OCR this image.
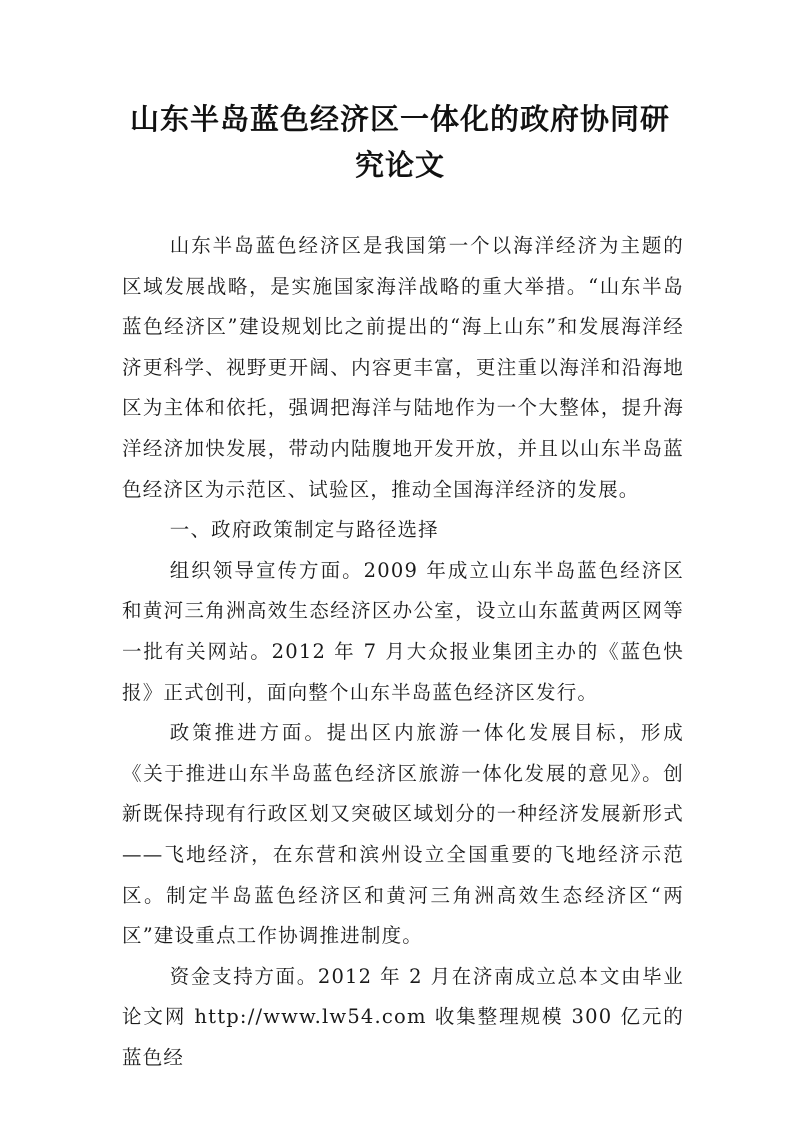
山东半岛蓝色经济区一体化的政府协同研究论文

山东半岛蓝色经济区是我国第一个以海洋经济为主题的区域发展战略，是实施国家海洋战略的重大举措。“山东半岛蓝色经济区”建设规划比之前提出的“海上山东”和发展海洋经济更科学、视野更开阔、内容更丰富，更注重以海洋和沿海地区为主体和依托，强调把海洋与陆地作为一个大整体，提升海洋经济加快发展，带动内陆腹地开发开放，并且以山东半岛蓝色经济区为示范区、试验区，推动全国海洋经济的发展。

一、政府政策制定与路径选择

组织领导宣传方面。2009 年成立山东半岛蓝色经济区和黄河三角洲高效生态经济区办公室，设立山东蓝黄两区网等一批有关网站。2012 年 7 月大众报业集团主办的《蓝色快报》正式创刊，面向整个山东半岛蓝色经济区发行。

政策推进方面。提出区内旅游一体化发展目标，形成《关于推进山东半岛蓝色经济区旅游一体化发展的意见》。创新既保持现有行政区划又突破区域划分的一种经济发展新形式——飞地经济，在东营和滨州设立全国重要的飞地经济示范区。制定半岛蓝色经济区和黄河三角洲高效生态经济区“两区”建设重点工作协调推进制度。

资金支持方面。2012 年 2 月在济南成立总本文由毕业论文网 http://www.lw54.com 收集整理规模 300 亿元的蓝色经
